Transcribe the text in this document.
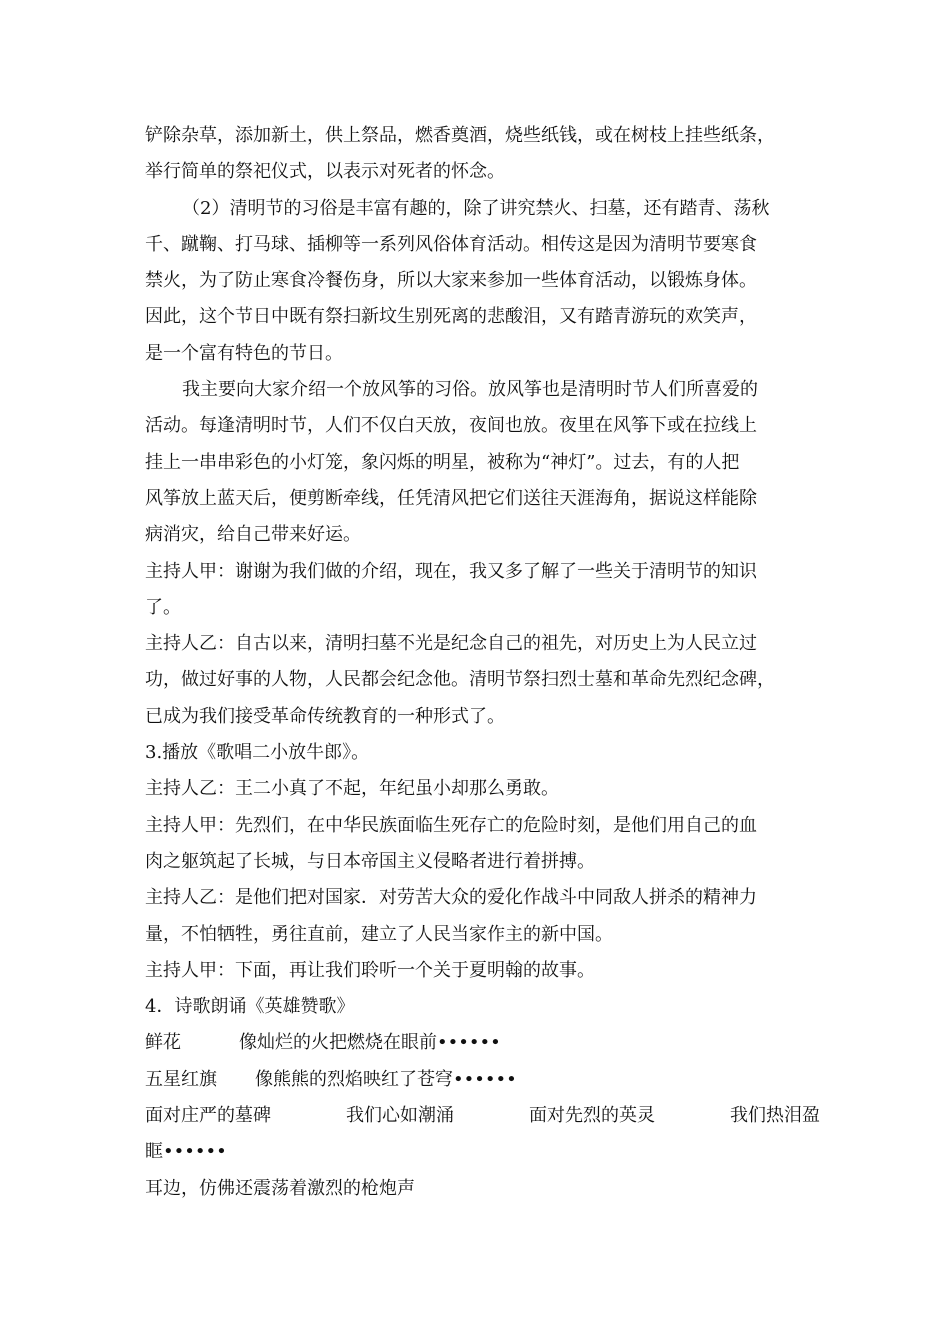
铲除杂草，添加新土，供上祭品，燃香奠酒，烧些纸钱，或在树枝上挂些纸条，
举行简单的祭祀仪式，以表示对死者的怀念。
（2）清明节的习俗是丰富有趣的，除了讲究禁火、扫墓，还有踏青、荡秋
千、蹴鞠、打马球、插柳等一系列风俗体育活动。相传这是因为清明节要寒食
禁火，为了防止寒食冷餐伤身，所以大家来参加一些体育活动，以锻炼身体。
因此，这个节日中既有祭扫新坟生别死离的悲酸泪，又有踏青游玩的欢笑声，
是一个富有特色的节日。
我主要向大家介绍一个放风筝的习俗。放风筝也是清明时节人们所喜爱的
活动。每逢清明时节，人们不仅白天放，夜间也放。夜里在风筝下或在拉线上
挂上一串串彩色的小灯笼，象闪烁的明星，被称为“神灯”。过去，有的人把
风筝放上蓝天后，便剪断牵线，任凭清风把它们送往天涯海角，据说这样能除
病消灾，给自己带来好运。
主持人甲：谢谢为我们做的介绍，现在，我又多了解了一些关于清明节的知识
了。
主持人乙：自古以来，清明扫墓不光是纪念自己的祖先，对历史上为人民立过
功，做过好事的人物，人民都会纪念他。清明节祭扫烈士墓和革命先烈纪念碑，
已成为我们接受革命传统教育的一种形式了。
3.播放《歌唱二小放牛郎》。
主持人乙：王二小真了不起，年纪虽小却那么勇敢。
主持人甲：先烈们，在中华民族面临生死存亡的危险时刻，是他们用自己的血
肉之躯筑起了长城，与日本帝国主义侵略者进行着拼搏。
主持人乙：是他们把对国家．对劳苦大众的爱化作战斗中同敌人拼杀的精神力
量，不怕牺牲，勇往直前，建立了人民当家作主的新中国。
主持人甲：下面，再让我们聆听一个关于夏明翰的故事。
4．诗歌朗诵《英雄赞歌》
鲜花	像灿烂的火把燃烧在眼前••••••
五星红旗 像熊熊的烈焰映红了苍穹••••••
面对庄严的墓碑	我们心如潮涌	面对先烈的英灵	我们热泪盈
眶••••••
耳边，仿佛还震荡着激烈的枪炮声
